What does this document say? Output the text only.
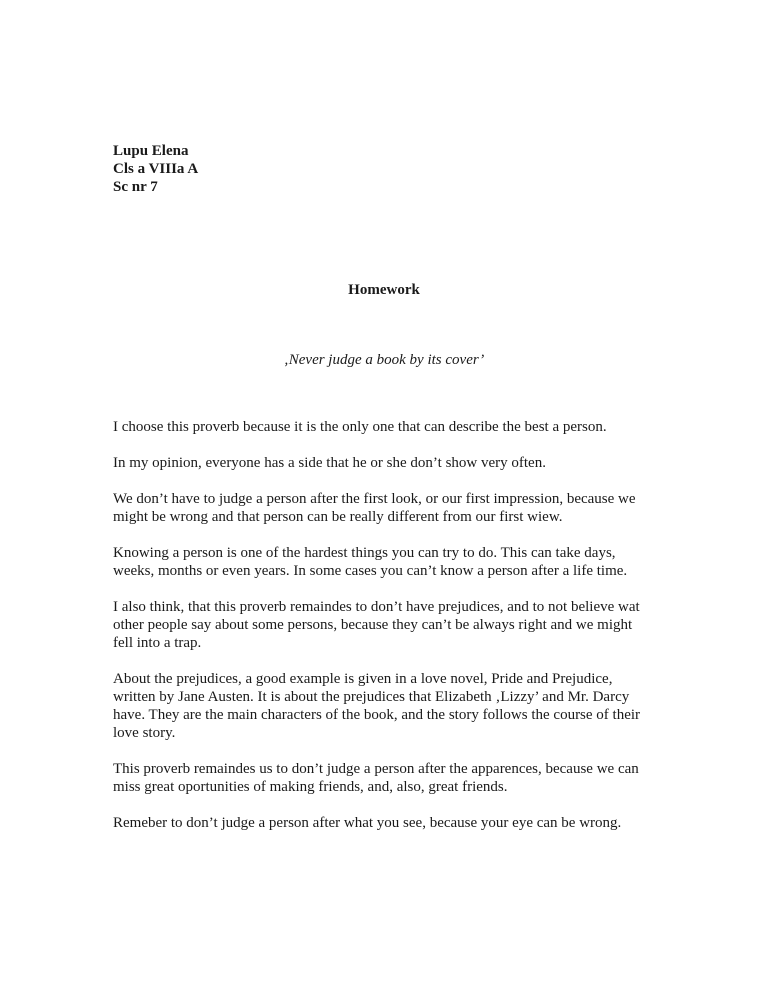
Lupu Elena
Cls a VIIIa A
Sc nr 7
Homework
‚Never judge a book by its cover’

I choose this proverb because it is the only one that can describe the best a person.

In my opinion, everyone has a side that he or she don’t show very often.

We don’t have to judge a person after the first look, or our first impression, because we
might be wrong and that person can be really different from our first wiew.

Knowing a person is one of the hardest things you can try to do. This can take days,
weeks, months or even years. In some cases you can’t know a person after a life time.

I also think, that this proverb remaindes to don’t have prejudices, and to not believe wat
other people say about some persons, because they can’t be always right and we might
fell into a trap.

About the prejudices, a good example is given in a love novel, Pride and Prejudice,
written by Jane Austen. It is about the prejudices that Elizabeth ‚Lizzy’ and Mr. Darcy
have. They are the main characters of the book, and the story follows the course of their
love story.

This proverb remaindes us to don’t judge a person after the apparences, because we can
miss great oportunities of making friends, and, also, great friends.

Remeber to don’t judge a person after what you see, because your eye can be wrong.
